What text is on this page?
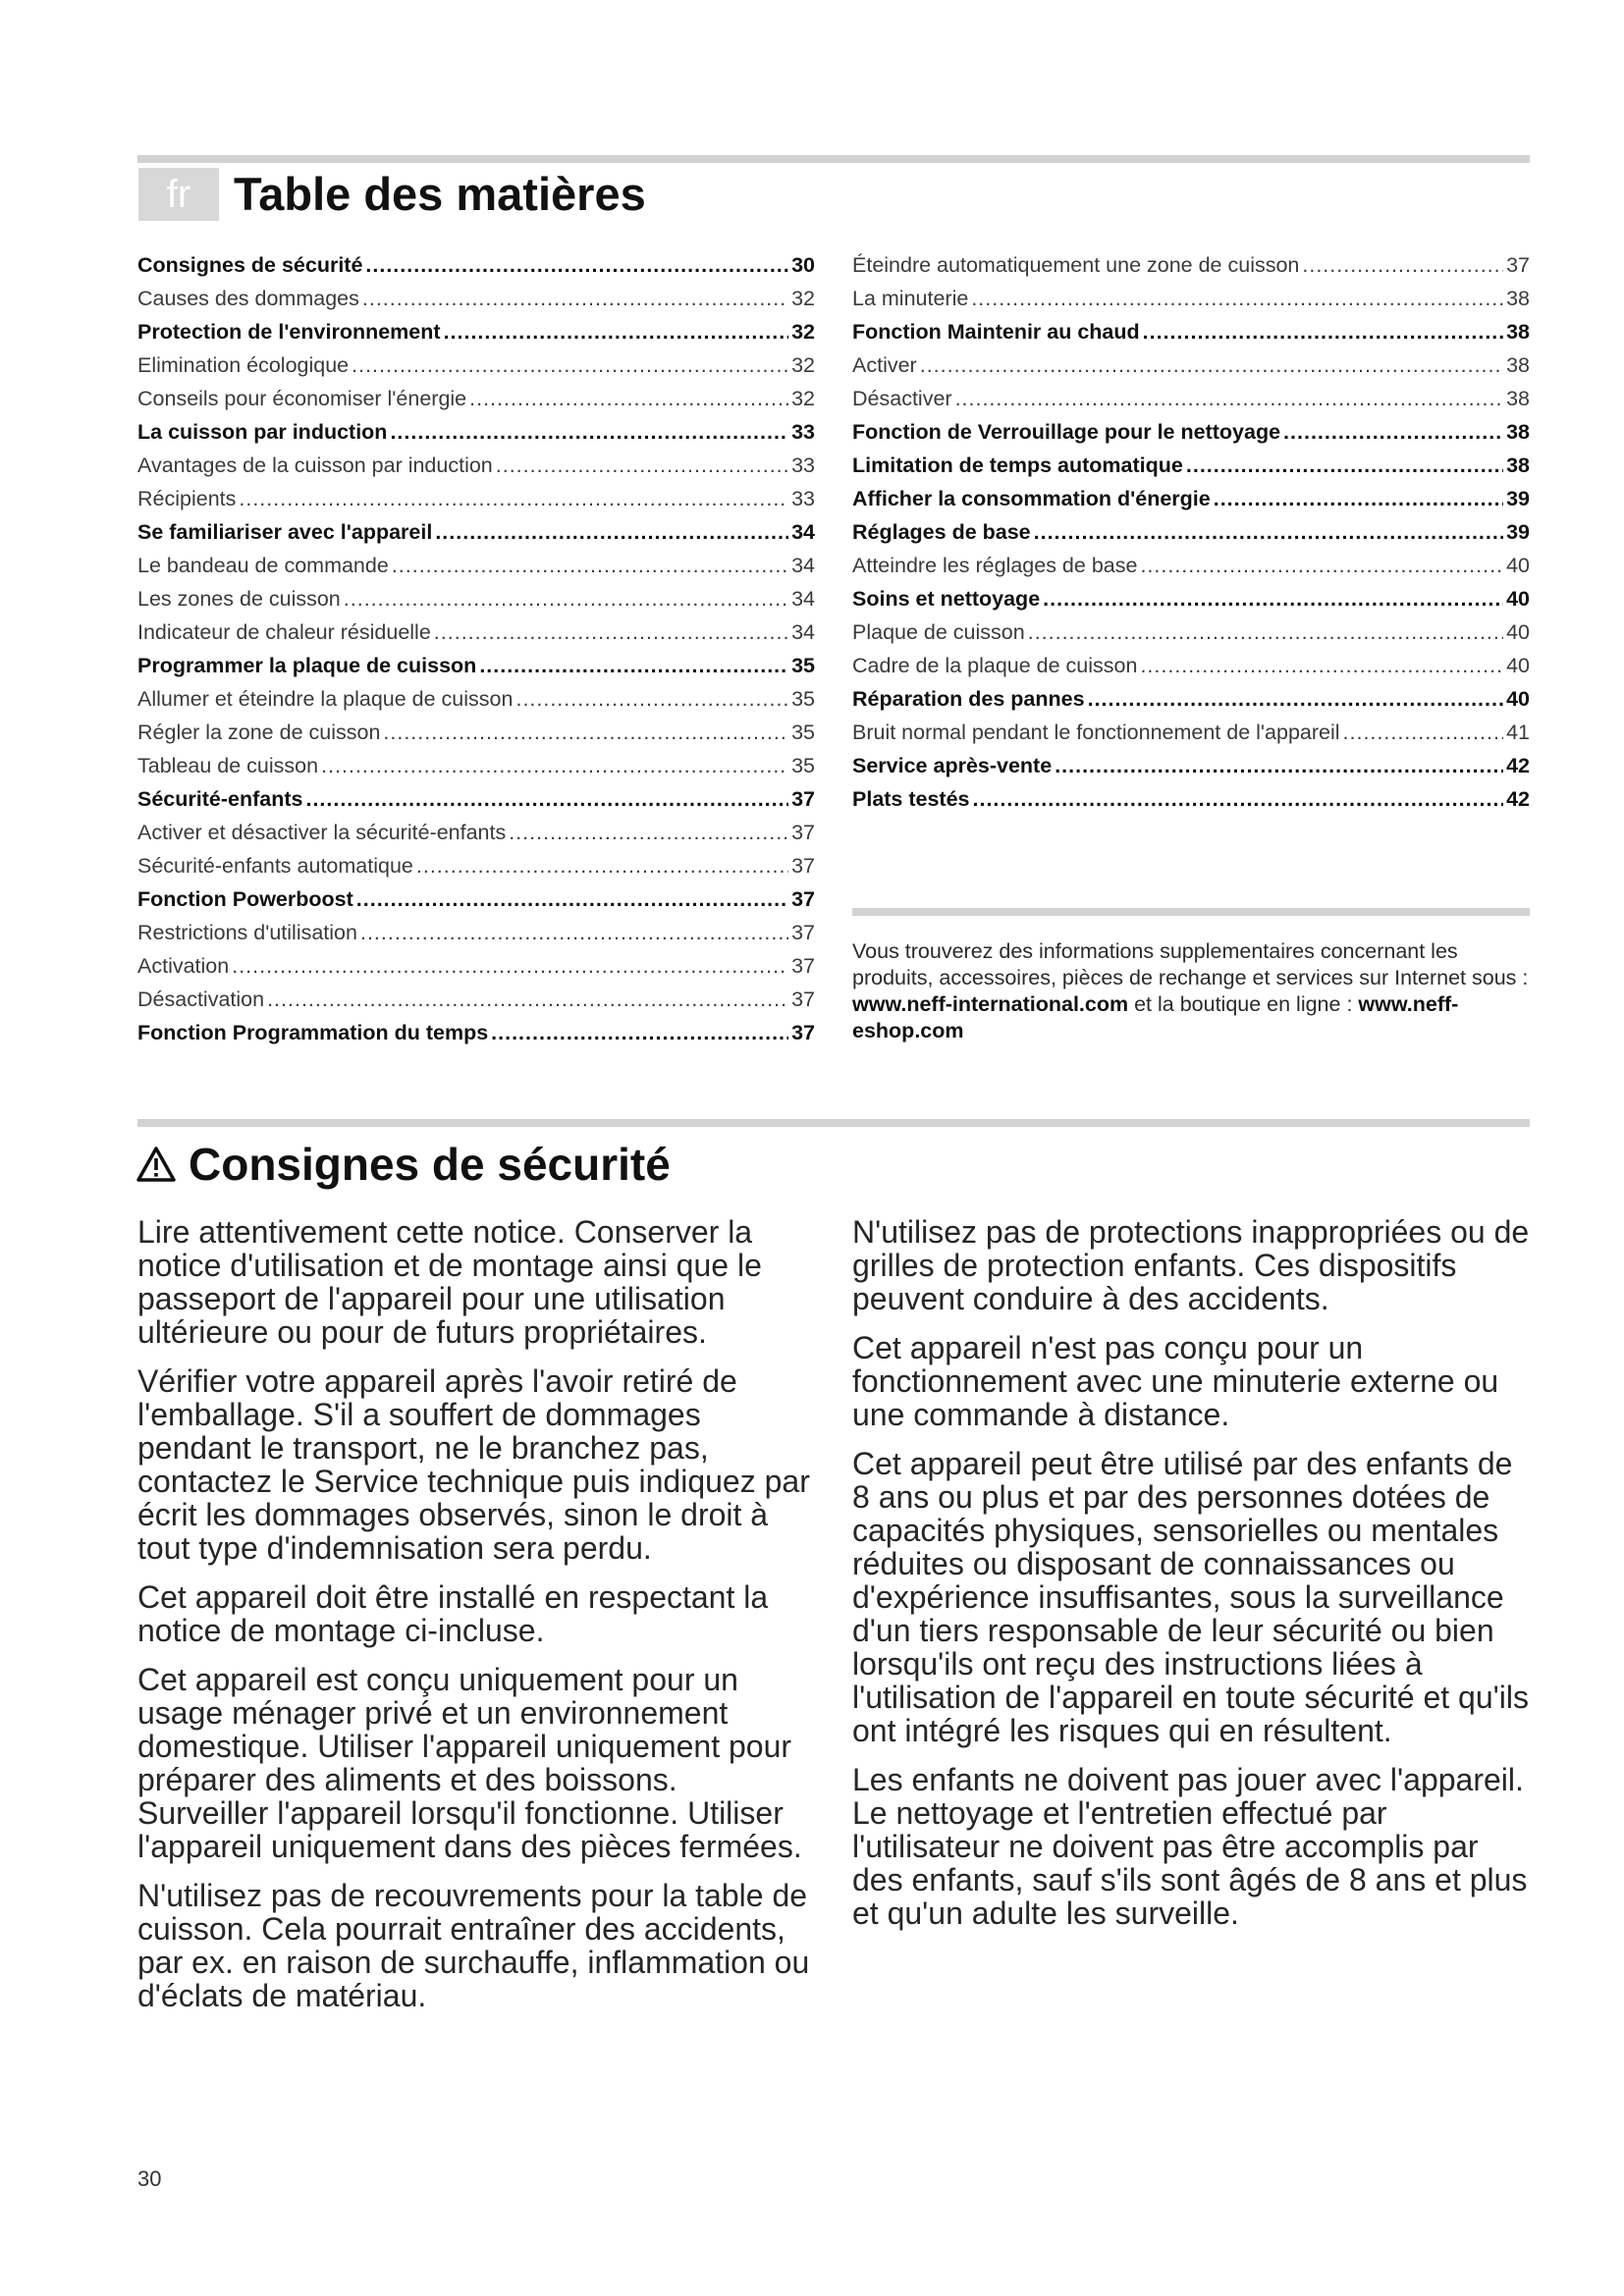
fr Table des matières
Consignes de sécurité .....	30
Causes des dommages .....	32
Protection de l'environnement .....	32
Elimination écologique .....	32
Conseils pour économiser l'énergie .....	32
La cuisson par induction .....	33
Avantages de la cuisson par induction .....	33
Récipients .....	33
Se familiariser avec l'appareil .....	34
Le bandeau de commande .....	34
Les zones de cuisson .....	34
Indicateur de chaleur résiduelle .....	34
Programmer la plaque de cuisson .....	35
Allumer et éteindre la plaque de cuisson .....	35
Régler la zone de cuisson .....	35
Tableau de cuisson .....	35
Sécurité-enfants .....	37
Activer et désactiver la sécurité-enfants .....	37
Sécurité-enfants automatique .....	37
Fonction Powerboost .....	37
Restrictions d'utilisation .....	37
Activation .....	37
Désactivation .....	37
Fonction Programmation du temps .....	37
Éteindre automatiquement une zone de cuisson .....	37
La minuterie .....	38
Fonction Maintenir au chaud .....	38
Activer .....	38
Désactiver .....	38
Fonction de Verrouillage pour le nettoyage .....	38
Limitation de temps automatique .....	38
Afficher la consommation d'énergie .....	39
Réglages de base .....	39
Atteindre les réglages de base .....	40
Soins et nettoyage .....	40
Plaque de cuisson .....	40
Cadre de la plaque de cuisson .....	40
Réparation des pannes .....	40
Bruit normal pendant le fonctionnement de l'appareil .....	41
Service après-vente .....	42
Plats testés .....	42

Vous trouverez des informations supplementaires concernant les produits, accessoires, pièces de rechange et services sur Internet sous : www.neff-international.com et la boutique en ligne : www.neff-eshop.com

Consignes de sécurité

Lire attentivement cette notice. Conserver la notice d'utilisation et de montage ainsi que le passeport de l'appareil pour une utilisation ultérieure ou pour de futurs propriétaires.

Vérifier votre appareil après l'avoir retiré de l'emballage. S'il a souffert de dommages pendant le transport, ne le branchez pas, contactez le Service technique puis indiquez par écrit les dommages observés, sinon le droit à tout type d'indemnisation sera perdu.

Cet appareil doit être installé en respectant la notice de montage ci-incluse.

Cet appareil est conçu uniquement pour un usage ménager privé et un environnement domestique. Utiliser l'appareil uniquement pour préparer des aliments et des boissons. Surveiller l'appareil lorsqu'il fonctionne. Utiliser l'appareil uniquement dans des pièces fermées.

N'utilisez pas de recouvrements pour la table de cuisson. Cela pourrait entraîner des accidents, par ex. en raison de surchauffe, inflammation ou d'éclats de matériau.

N'utilisez pas de protections inappropriées ou de grilles de protection enfants. Ces dispositifs peuvent conduire à des accidents.

Cet appareil n'est pas conçu pour un fonctionnement avec une minuterie externe ou une commande à distance.

Cet appareil peut être utilisé par des enfants de 8 ans ou plus et par des personnes dotées de capacités physiques, sensorielles ou mentales réduites ou disposant de connaissances ou d'expérience insuffisantes, sous la surveillance d'un tiers responsable de leur sécurité ou bien lorsqu'ils ont reçu des instructions liées à l'utilisation de l'appareil en toute sécurité et qu'ils ont intégré les risques qui en résultent.

Les enfants ne doivent pas jouer avec l'appareil. Le nettoyage et l'entretien effectué par l'utilisateur ne doivent pas être accomplis par des enfants, sauf s'ils sont âgés de 8 ans et plus et qu'un adulte les surveille.

30
